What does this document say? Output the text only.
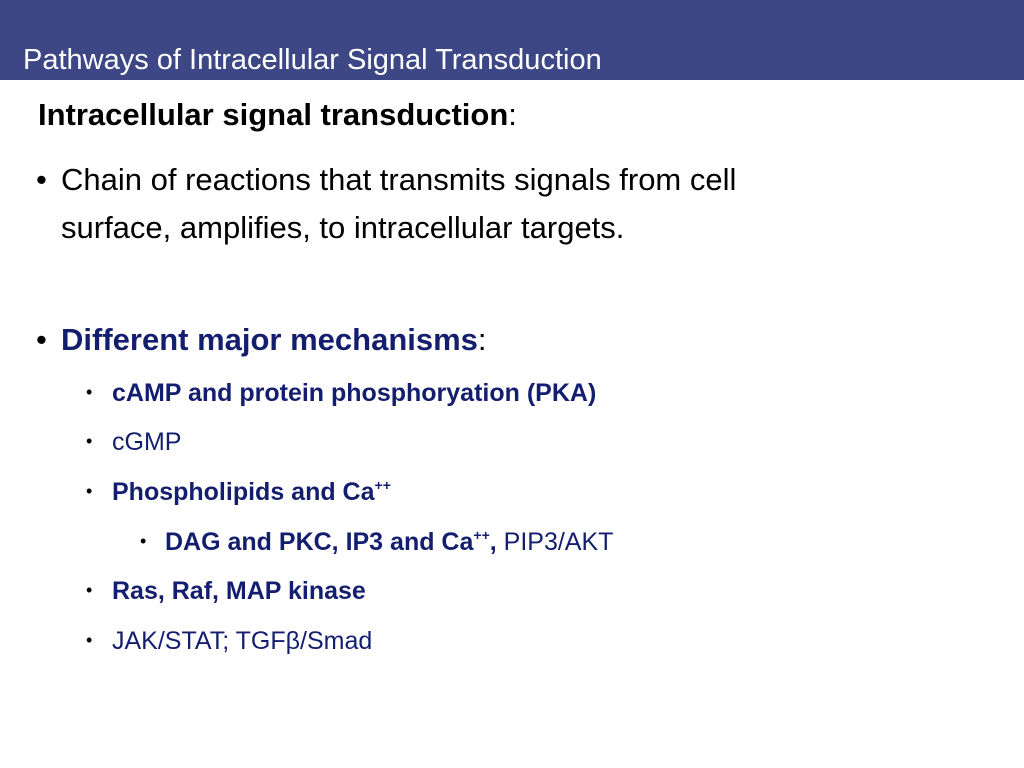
Pathways of Intracellular Signal Transduction
Intracellular signal transduction:
• Chain of reactions that transmits signals from cell
surface, amplifies, to intracellular targets.
• Different major mechanisms:
• cAMP and protein phosphoryation (PKA)
• cGMP
• Phospholipids and Ca++
• DAG and PKC, IP3 and Ca++, PIP3/AKT
• Ras, Raf, MAP kinase
• JAK/STAT; TGFβ/Smad
